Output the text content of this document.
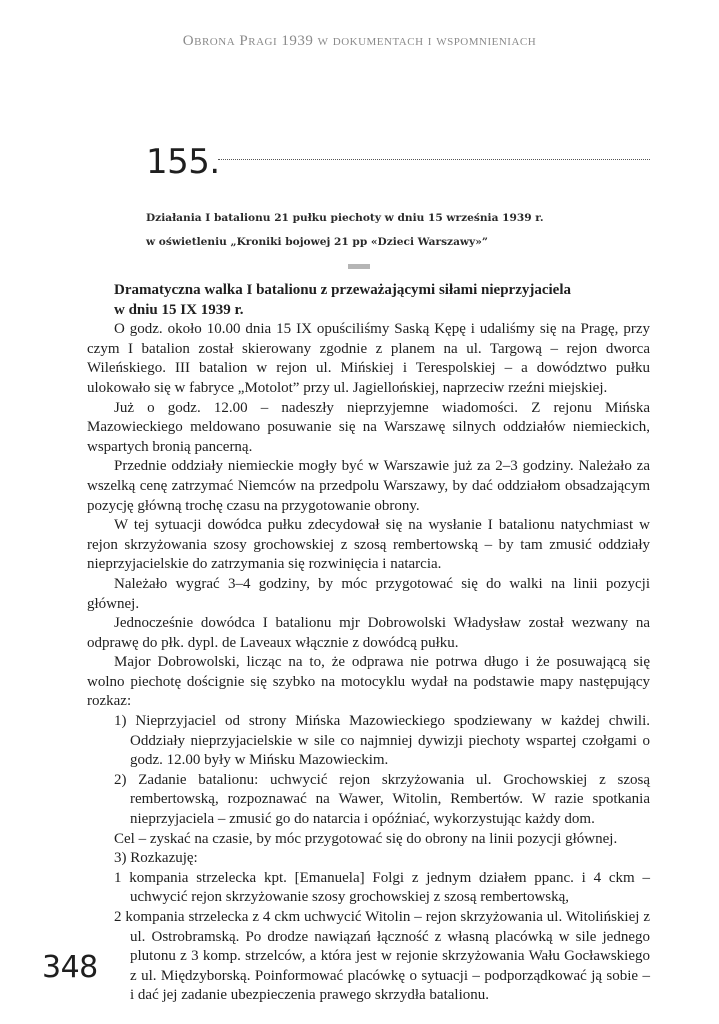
Obrona Pragi 1939 w dokumentach i wspomnieniach
155.
Działania I batalionu 21 pułku piechoty w dniu 15 września 1939 r.
w oświetleniu „Kroniki bojowej 21 pp «Dzieci Warszawy»”
Dramatyczna walka I batalionu z przeważającymi siłami nieprzyjaciela
w dniu 15 IX 1939 r.

O godz. około 10.00 dnia 15 IX opuściliśmy Saską Kępę i udaliśmy się na Pragę, przy czym I batalion został skierowany zgodnie z planem na ul. Targową – rejon dworca Wileńskiego. III batalion w rejon ul. Mińskiej i Terespolskiej – a dowództwo pułku ulokowało się w fabryce „Motolot” przy ul. Jagiellońskiej, naprzeciw rzeźni miejskiej.

Już o godz. 12.00 – nadeszły nieprzyjemne wiadomości. Z rejonu Mińska Mazowieckiego meldowano posuwanie się na Warszawę silnych oddziałów niemieckich, wspartych bronią pancerną.

Przednie oddziały niemieckie mogły być w Warszawie już za 2–3 godziny. Należało za wszelką cenę zatrzymać Niemców na przedpolu Warszawy, by dać oddziałom obsadzającym pozycję główną trochę czasu na przygotowanie obrony.

W tej sytuacji dowódca pułku zdecydował się na wysłanie I batalionu natychmiast w rejon skrzyżowania szosy grochowskiej z szosą rembertowską – by tam zmusić oddziały nieprzyjacielskie do zatrzymania się rozwinięcia i natarcia.

Należało wygrać 3–4 godziny, by móc przygotować się do walki na linii pozycji głównej.

Jednocześnie dowódca I batalionu mjr Dobrowolski Władysław został wezwany na odprawę do płk. dypl. de Laveaux włącznie z dowódcą pułku.

Major Dobrowolski, licząc na to, że odprawa nie potrwa długo i że posuwającą się wolno piechotę doścignie się szybko na motocyklu wydał na podstawie mapy następujący rozkaz:

1) Nieprzyjaciel od strony Mińska Mazowieckiego spodziewany w każdej chwili. Oddziały nieprzyjacielskie w sile co najmniej dywizji piechoty wspartej czołgami o godz. 12.00 były w Mińsku Mazowieckim.

2) Zadanie batalionu: uchwycić rejon skrzyżowania ul. Grochowskiej z szosą rembertowską, rozpoznawać na Wawer, Witolin, Rembertów. W razie spotkania nieprzyjaciela – zmusić go do natarcia i opóźniać, wykorzystując każdy dom.

Cel – zyskać na czasie, by móc przygotować się do obrony na linii pozycji głównej.

3) Rozkazuję:

1 kompania strzelecka kpt. [Emanuela] Folgi z jednym działem ppanc. i 4 ckm – uchwycić rejon skrzyżowanie szosy grochowskiej z szosą rembertowską,

2 kompania strzelecka z 4 ckm uchwycić Witolin – rejon skrzyżowania ul. Witolińskiej z ul. Ostrobramską. Po drodze nawiązań łączność z własną placówką w sile jednego plutonu z 3 komp. strzelców, a która jest w rejonie skrzyżowania Wału Gocławskiego z ul. Międzyborską. Poinformować placówkę o sytuacji – podporządkować ją sobie – i dać jej zadanie ubezpieczenia prawego skrzydła batalionu.

348
